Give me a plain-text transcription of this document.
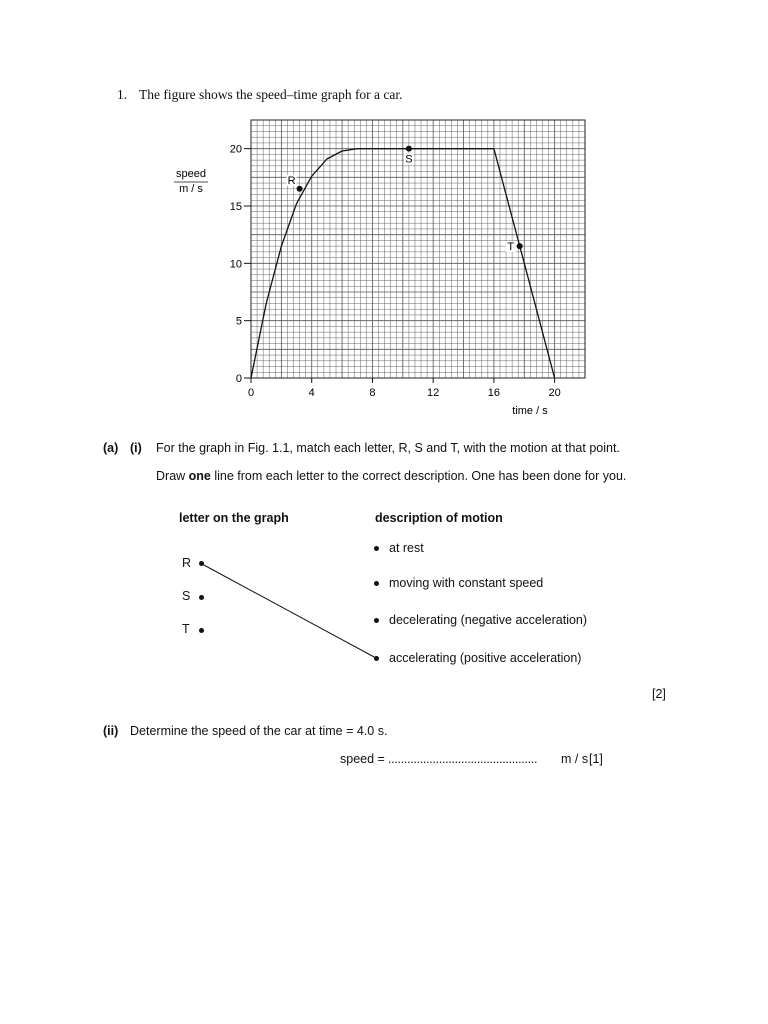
1. The figure shows the speed–time graph for a car.
speed
m / s
0	4	8	12	16	20
0
5
10
15
20
R
S
T
time / s
(a) (i) For the graph in Fig. 1.1, match each letter, R, S and T, with the motion at that point.
Draw one line from each letter to the correct description. One has been done for you.
letter on the graph	description of motion
R
S
T
at rest
moving with constant speed
decelerating (negative acceleration)
accelerating (positive acceleration)
[2]
(ii) Determine the speed of the car at time = 4.0 s.
speed = ............................................... m / s [1]
